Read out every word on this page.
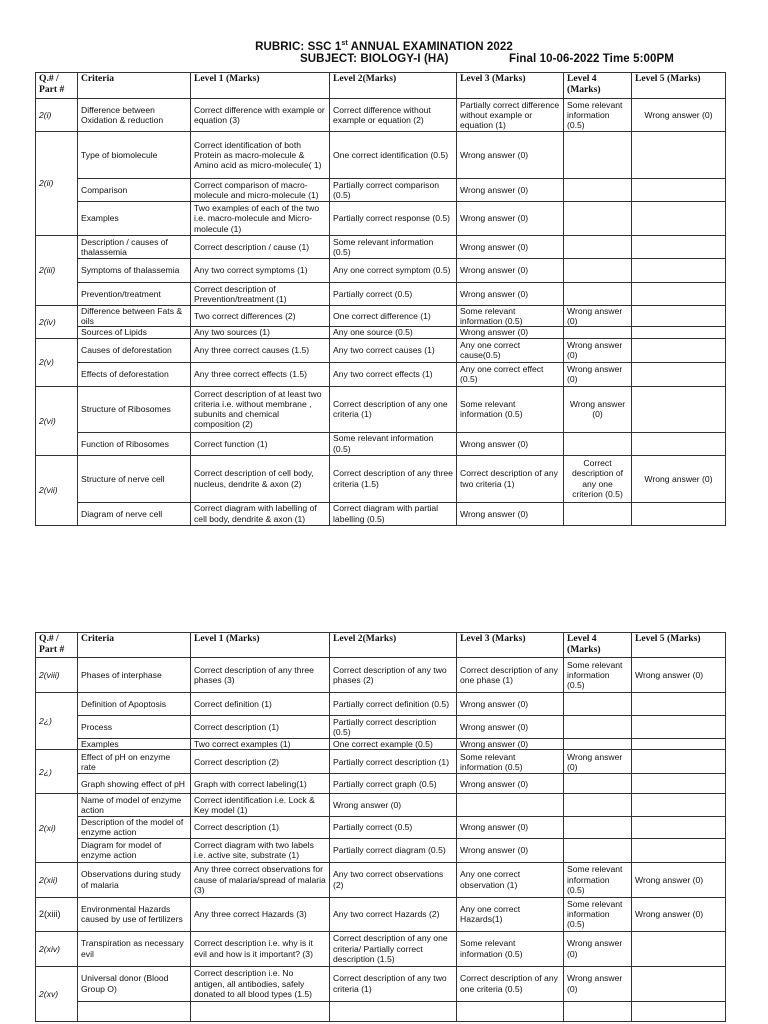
RUBRIC: SSC 1st ANNUAL EXAMINATION 2022
SUBJECT: BIOLOGY-I (HA)	Final 10-06-2022 Time 5:00PM
Q.# / Part #	Criteria	Level 1 (Marks)	Level 2(Marks)	Level 3 (Marks)	Level 4 (Marks)	Level 5 (Marks)
2(i)	Difference between Oxidation & reduction	Correct difference with example or equation (3)	Correct difference without example or equation (2)	Partially correct difference without example or equation (1)	Some relevant information (0.5)	Wrong answer (0)
2(ii)	Type of biomolecule	Correct identification of both Protein as macro-molecule & Amino acid as micro-molecule( 1)	One correct identification (0.5)	Wrong answer (0)		
	Comparison	Correct comparison of macro-molecule and micro-molecule (1)	Partially correct comparison (0.5)	Wrong answer (0)		
	Examples	Two examples of each of the two i.e. macro-molecule and Micro-molecule (1)	Partially correct response (0.5)	Wrong answer (0)		
2(iii)	Description / causes of thalassemia	Correct description / cause (1)	Some relevant information (0.5)	Wrong answer (0)		
	Symptoms of thalassemia	Any two correct symptoms (1)	Any one correct symptom (0.5)	Wrong answer (0)		
	Prevention/treatment	Correct description of Prevention/treatment (1)	Partially correct (0.5)	Wrong answer (0)		
2(iv)	Difference between Fats & oils	Two correct differences (2)	One correct difference (1)	Some relevant information (0.5)	Wrong answer (0)	
	Sources of Lipids	Any two sources (1)	Any one source (0.5)	Wrong answer (0)		
2(v)	Causes of deforestation	Any three correct causes (1.5)	Any two correct causes (1)	Any one correct cause(0.5)	Wrong answer (0)	
	Effects of deforestation	Any three correct effects (1.5)	Any two correct effects (1)	Any one correct effect (0.5)	Wrong answer (0)	
2(vi)	Structure of Ribosomes	Correct description of at least two criteria i.e. without membrane , subunits and chemical composition (2)	Correct description of any one criteria (1)	Some relevant information (0.5)	Wrong answer (0)	
	Function of Ribosomes	Correct function (1)	Some relevant information (0.5)	Wrong answer (0)		
2(vii)	Structure of nerve cell	Correct description of cell body, nucleus, dendrite & axon (2)	Correct description of any three criteria (1.5)	Correct description of any two criteria (1)	Correct description of any one criterion (0.5)	Wrong answer (0)
	Diagram of nerve cell	Correct diagram with labelling of cell body, dendrite & axon (1)	Correct diagram with partial labelling (0.5)	Wrong answer (0)		
Q.# / Part #	Criteria	Level 1 (Marks)	Level 2(Marks)	Level 3 (Marks)	Level 4 (Marks)	Level 5 (Marks)
2(viii)	Phases of interphase	Correct description of any three phases (3)	Correct description of any two phases (2)	Correct description of any one phase (1)	Some relevant information (0.5)	Wrong answer (0)
2¿)	Definition of Apoptosis	Correct definition (1)	Partially correct definition (0.5)	Wrong answer (0)		
	Process	Correct description (1)	Partially correct description (0.5)	Wrong answer (0)		
	Examples	Two correct examples (1)	One correct example (0.5)	Wrong answer (0)		
2¿)	Effect of pH on enzyme rate	Correct description (2)	Partially correct description (1)	Some relevant information (0.5)	Wrong answer (0)	
	Graph showing effect of pH	Graph with correct labeling(1)	Partially correct graph (0.5)	Wrong answer (0)		
2(xi)	Name of model of enzyme action	Correct identification i.e. Lock & Key model (1)	Wrong answer (0)			
	Description of the model of enzyme action	Correct description (1)	Partially correct (0.5)	Wrong answer (0)		
	Diagram for model of enzyme action	Correct diagram with two labels i.e. active site, substrate (1)	Partially correct diagram (0.5)	Wrong answer (0)		
2(xii)	Observations during study of malaria	Any three correct observations for cause of malaria/spread of malaria (3)	Any two correct observations (2)	Any one correct observation (1)	Some relevant information (0.5)	Wrong answer (0)
2(xiii)	Environmental Hazards caused by use of fertilizers	Any three correct Hazards (3)	Any two correct Hazards (2)	Any one correct Hazards(1)	Some relevant information (0.5)	Wrong answer (0)
2(xiv)	Transpiration as necessary evil	Correct description i.e. why is it evil and how is it important? (3)	Correct description of any one criteria/ Partially correct description (1.5)	Some relevant information (0.5)	Wrong answer (0)	
2(xv)	Universal donor (Blood Group O)	Correct description i.e. No antigen, all antibodies, safely donated to all blood types (1.5)	Correct description of any two criteria (1)	Correct description of any one criteria (0.5)	Wrong answer (0)	
